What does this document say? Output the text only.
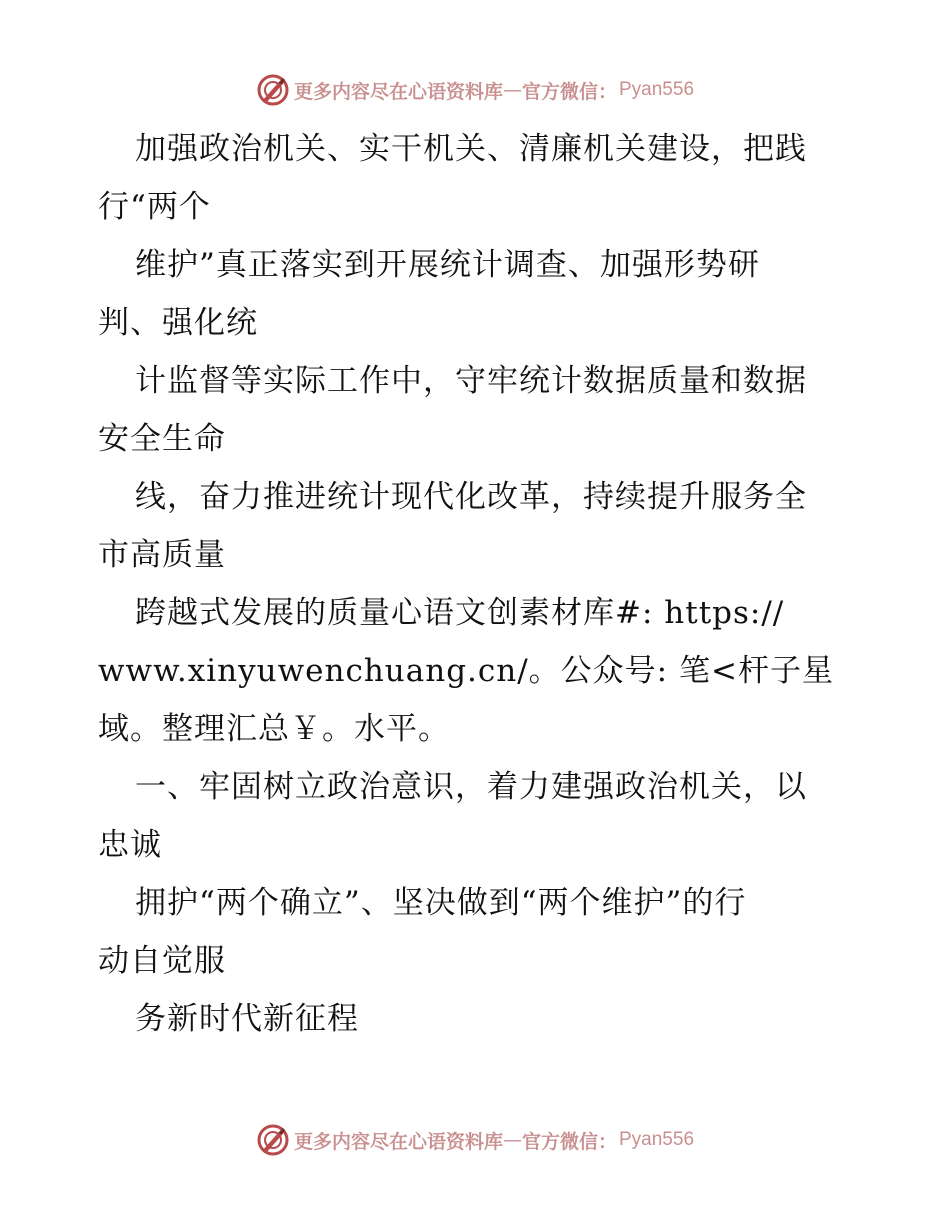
更多内容尽在心语资料库 — 官方微信： Pyan556
加强政治机关、实干机关、清廉机关建设，把践
行“两个
维护”真正落实到开展统计调查、加强形势研
判、强化统
计监督等实际工作中，守牢统计数据质量和数据
安全生命
线，奋力推进统计现代化改革，持续提升服务全
市高质量
跨越式发展的质量心语文创素材库#: https://
www.xinyuwenchuang.cn/。公众号: 笔<杆子星
域。整理汇总￥。水平。
一、牢固树立政治意识，着力建强政治机关，以
忠诚
拥护“两个确立”、坚决做到“两个维护”的行
动自觉服
务新时代新征程
更多内容尽在心语资料库 — 官方微信： Pyan556
